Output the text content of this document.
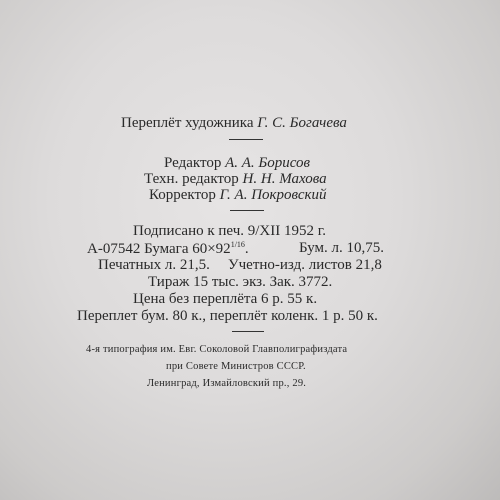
Переплёт художника Г. С. Богачева
Редактор А. А. Борисов
Техн. редактор Н. Н. Махова
Корректор Г. А. Покровский
Подписано к печ. 9/XII 1952 г.
А-07542 Бумага $60\times 92^{1/16}$.	Бум. л. 10,75.
Печатных л. 21,5. Учетно-изд. листов 21,8
Тираж 15 тыс. экз. Зак. 3772.
Цена без переплёта 6 р. 55 к.
Переплет бум. 80 к., переплёт коленк. 1 р. 50 к.
4-я типография им. Евг. Соколовой Главполиграфиздата
при Совете Министров СССР.
Ленинград, Измайловский пр., 29.
